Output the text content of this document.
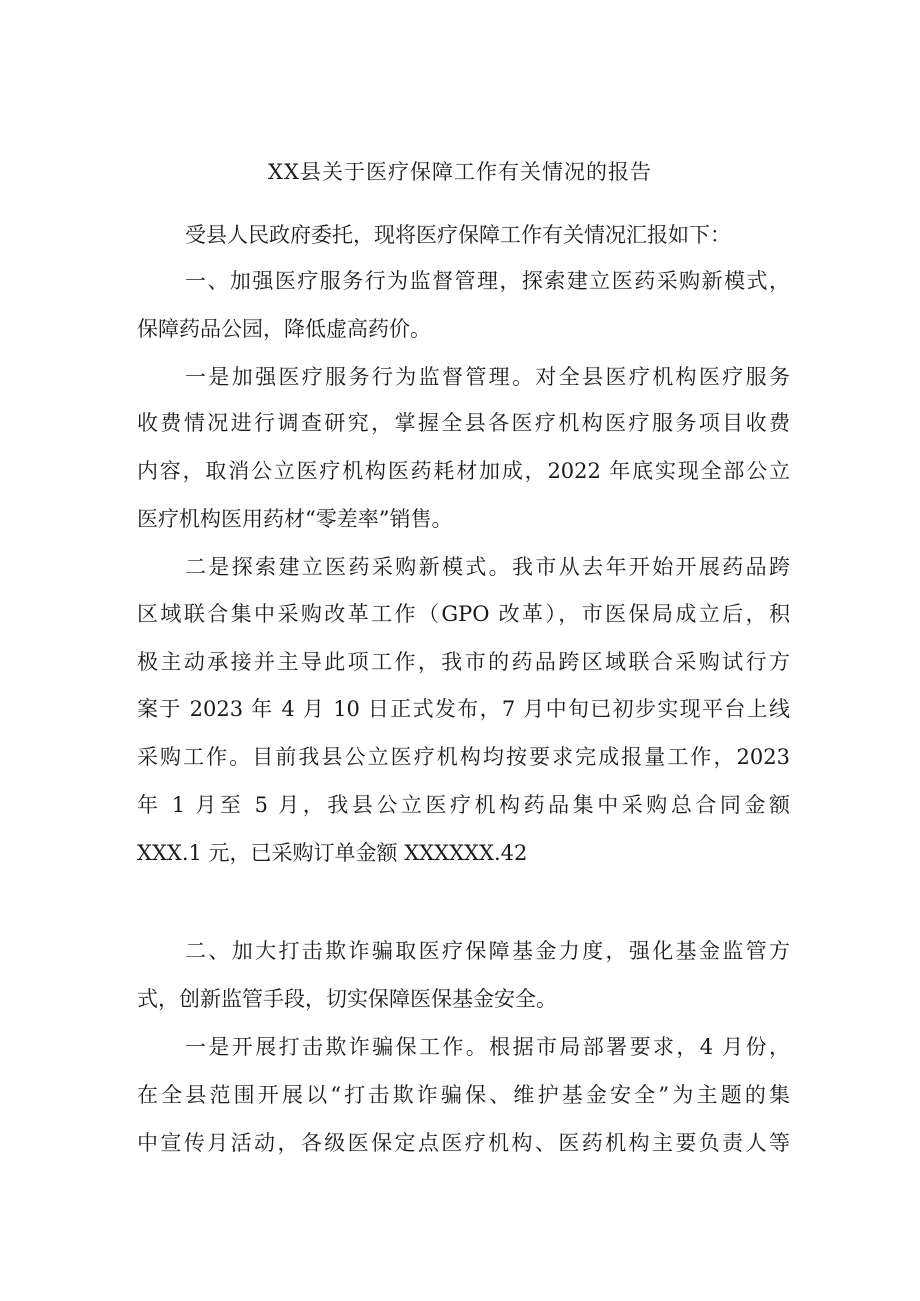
XX县关于医疗保障工作有关情况的报告
受县人民政府委托，现将医疗保障工作有关情况汇报如下：
一、加强医疗服务行为监督管理，探索建立医药采购新模式，
保障药品公园，降低虚高药价。
一是加强医疗服务行为监督管理。对全县医疗机构医疗服务
收费情况进行调查研究，掌握全县各医疗机构医疗服务项目收费
内容，取消公立医疗机构医药耗材加成，2022 年底实现全部公立
医疗机构医用药材“零差率”销售。
二是探索建立医药采购新模式。我市从去年开始开展药品跨
区域联合集中采购改革工作（GPO 改革），市医保局成立后，积
极主动承接并主导此项工作，我市的药品跨区域联合采购试行方
案于 2023 年 4 月 10 日正式发布，7 月中旬已初步实现平台上线
采购工作。目前我县公立医疗机构均按要求完成报量工作，2023
年 1 月至 5 月，我县公立医疗机构药品集中采购总合同金额
XXX.1 元，已采购订单金额 XXXXXX.42
二、加大打击欺诈骗取医疗保障基金力度，强化基金监管方
式，创新监管手段，切实保障医保基金安全。
一是开展打击欺诈骗保工作。根据市局部署要求，4 月份，
在全县范围开展以“打击欺诈骗保、维护基金安全”为主题的集
中宣传月活动，各级医保定点医疗机构、医药机构主要负责人等
